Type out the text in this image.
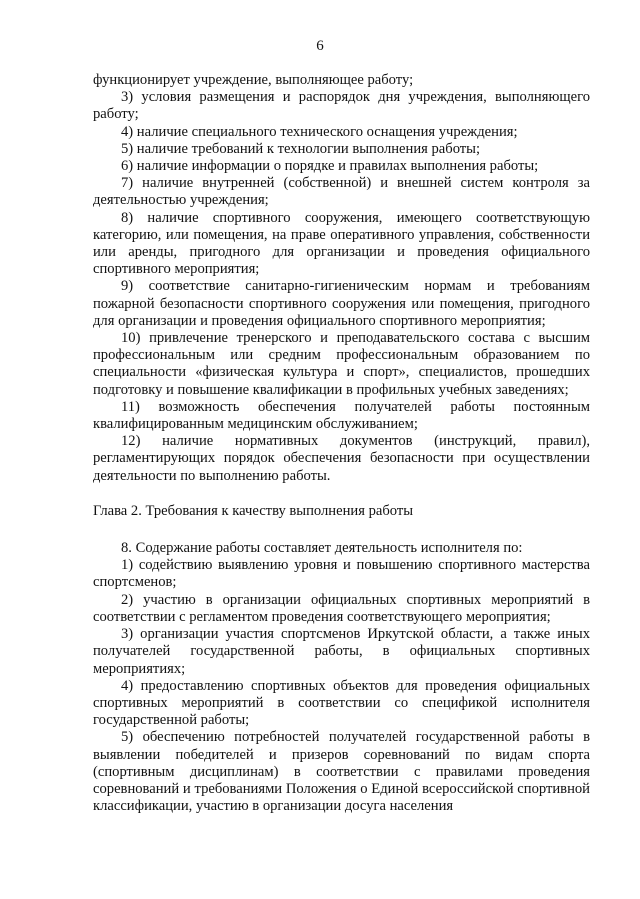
6

функционирует учреждение, выполняющее работу;

3) условия размещения и распорядок дня учреждения, выполняющего работу;

4) наличие специального технического оснащения учреждения;

5) наличие требований к технологии выполнения работы;

6) наличие информации о порядке и правилах выполнения работы;

7) наличие внутренней (собственной) и внешней систем контроля за деятельностью учреждения;

8) наличие спортивного сооружения, имеющего соответствующую категорию, или помещения, на праве оперативного управления, собственности или аренды, пригодного для организации и проведения официального спортивного мероприятия;

9) соответствие санитарно-гигиеническим нормам и требованиям пожарной безопасности спортивного сооружения или помещения, пригодного для организации и проведения официального спортивного мероприятия;

10) привлечение тренерского и преподавательского состава с высшим профессиональным или средним профессиональным образованием по специальности «физическая культура и спорт», специалистов, прошедших подготовку и повышение квалификации в профильных учебных заведениях;

11) возможность обеспечения получателей работы постоянным квалифицированным медицинским обслуживанием;

12) наличие нормативных документов (инструкций, правил), регламентирующих порядок обеспечения безопасности при осуществлении деятельности по выполнению работы.

Глава 2. Требования к качеству выполнения работы

8. Содержание работы составляет деятельность исполнителя по:

1) содействию выявлению уровня и повышению спортивного мастерства спортсменов;

2) участию в организации официальных спортивных мероприятий в соответствии с регламентом проведения соответствующего мероприятия;

3) организации участия спортсменов Иркутской области, а также иных получателей государственной работы, в официальных спортивных мероприятиях;

4) предоставлению спортивных объектов для проведения официальных спортивных мероприятий в соответствии со спецификой исполнителя государственной работы;

5) обеспечению потребностей получателей государственной работы в выявлении победителей и призеров соревнований по видам спорта (спортивным дисциплинам) в соответствии с правилами проведения соревнований и требованиями Положения о Единой всероссийской спортивной классификации, участию в организации досуга населения
